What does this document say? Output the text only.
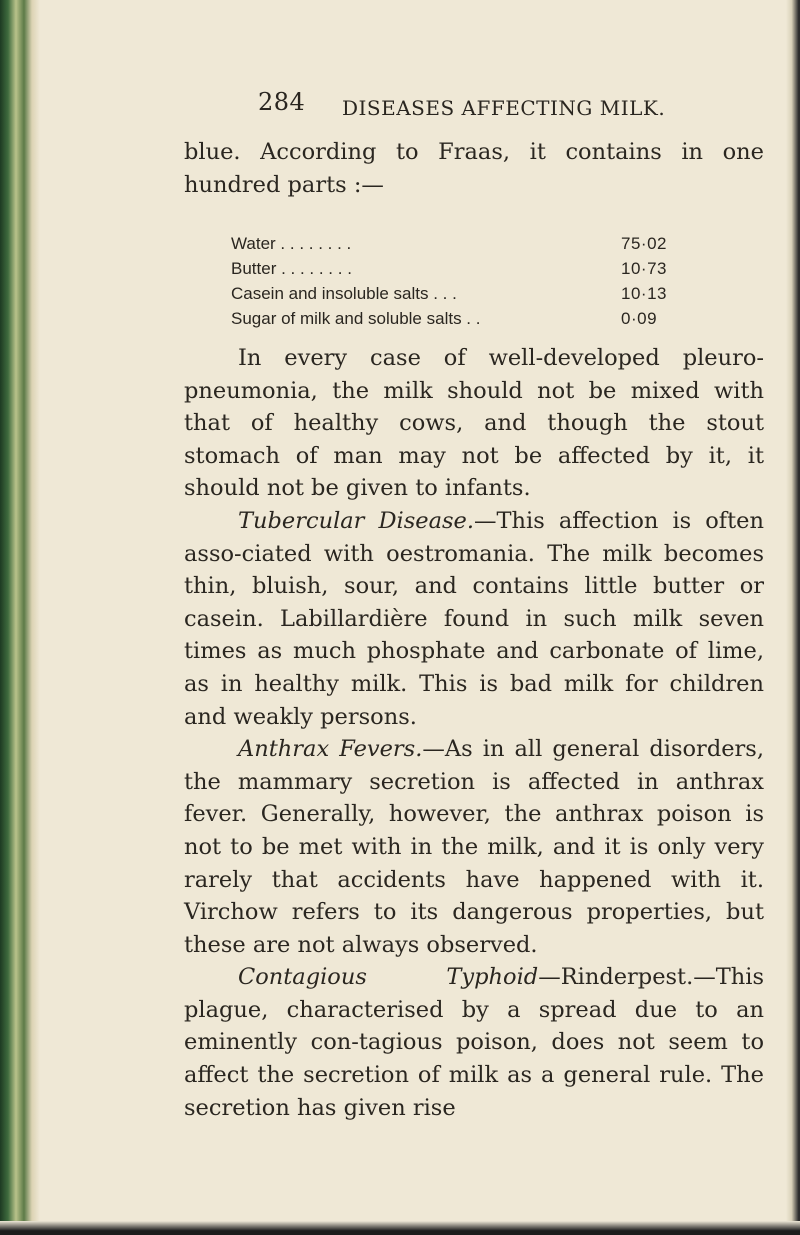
284 DISEASES AFFECTING MILK.
blue. According to Fraas, it contains in one hundred parts :—
Water . . . . . . . .	75·02
Butter . . . . . . . .	10·73
Casein and insoluble salts . . .	10·13
Sugar of milk and soluble salts . .	0·09

In every case of well-developed pleuro-pneumonia, the milk should not be mixed with that of healthy cows, and though the stout stomach of man may not be affected by it, it should not be given to infants.

Tubercular Disease.—This affection is often asso-ciated with oestromania. The milk becomes thin, bluish, sour, and contains little butter or casein. Labillardière found in such milk seven times as much phosphate and carbonate of lime, as in healthy milk. This is bad milk for children and weakly persons.

Anthrax Fevers.—As in all general disorders, the mammary secretion is affected in anthrax fever. Generally, however, the anthrax poison is not to be met with in the milk, and it is only very rarely that accidents have happened with it. Virchow refers to its dangerous properties, but these are not always observed.

Contagious Typhoid—Rinderpest.—This plague, characterised by a spread due to an eminently con-tagious poison, does not seem to affect the secretion of milk as a general rule. The secretion has given rise
